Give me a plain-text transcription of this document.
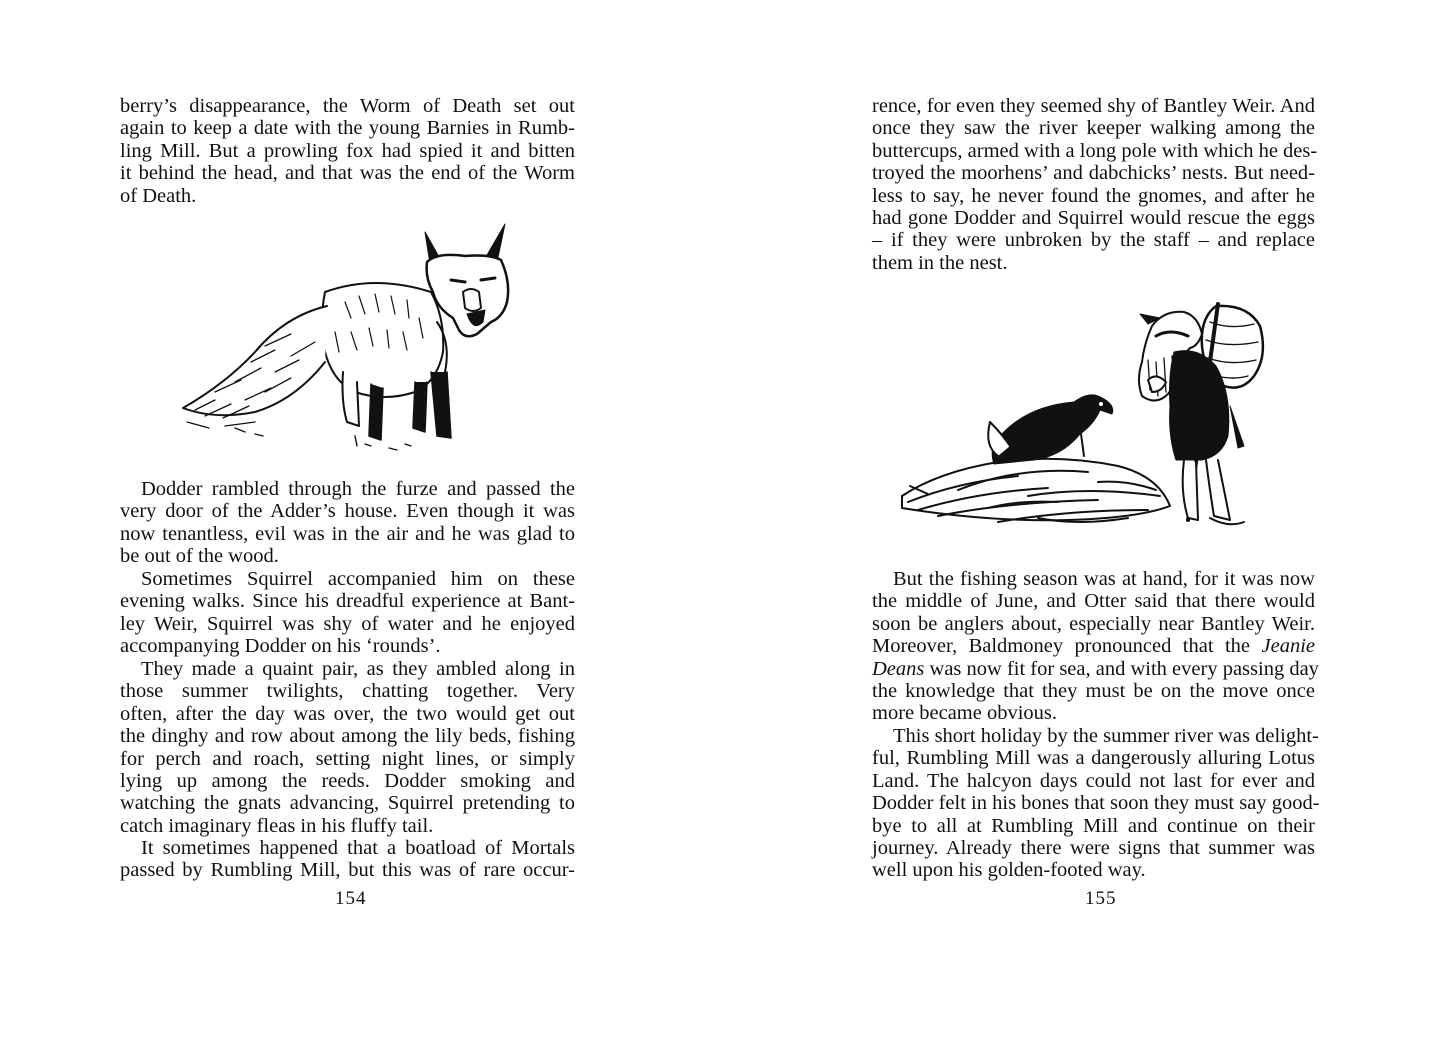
berry’s disappearance, the Worm of Death set out
again to keep a date with the young Barnies in Rumb-
ling Mill. But a prowling fox had spied it and bitten
it behind the head, and that was the end of the Worm
of Death.
Dodder rambled through the furze and passed the
very door of the Adder’s house. Even though it was
now tenantless, evil was in the air and he was glad to
be out of the wood.
Sometimes Squirrel accompanied him on these
evening walks. Since his dreadful experience at Bant-
ley Weir, Squirrel was shy of water and he enjoyed
accompanying Dodder on his ‘rounds’.
They made a quaint pair, as they ambled along in
those summer twilights, chatting together. Very
often, after the day was over, the two would get out
the dinghy and row about among the lily beds, fishing
for perch and roach, setting night lines, or simply
lying up among the reeds. Dodder smoking and
watching the gnats advancing, Squirrel pretending to
catch imaginary fleas in his fluffy tail.
It sometimes happened that a boatload of Mortals
passed by Rumbling Mill, but this was of rare occur-
154
rence, for even they seemed shy of Bantley Weir. And
once they saw the river keeper walking among the
buttercups, armed with a long pole with which he des-
troyed the moorhens’ and dabchicks’ nests. But need-
less to say, he never found the gnomes, and after he
had gone Dodder and Squirrel would rescue the eggs
– if they were unbroken by the staff – and replace
them in the nest.
But the fishing season was at hand, for it was now
the middle of June, and Otter said that there would
soon be anglers about, especially near Bantley Weir.
Moreover, Baldmoney pronounced that the Jeanie
Deans was now fit for sea, and with every passing day
the knowledge that they must be on the move once
more became obvious.
This short holiday by the summer river was delight-
ful, Rumbling Mill was a dangerously alluring Lotus
Land. The halcyon days could not last for ever and
Dodder felt in his bones that soon they must say good-
bye to all at Rumbling Mill and continue on their
journey. Already there were signs that summer was
well upon his golden-footed way.
155
